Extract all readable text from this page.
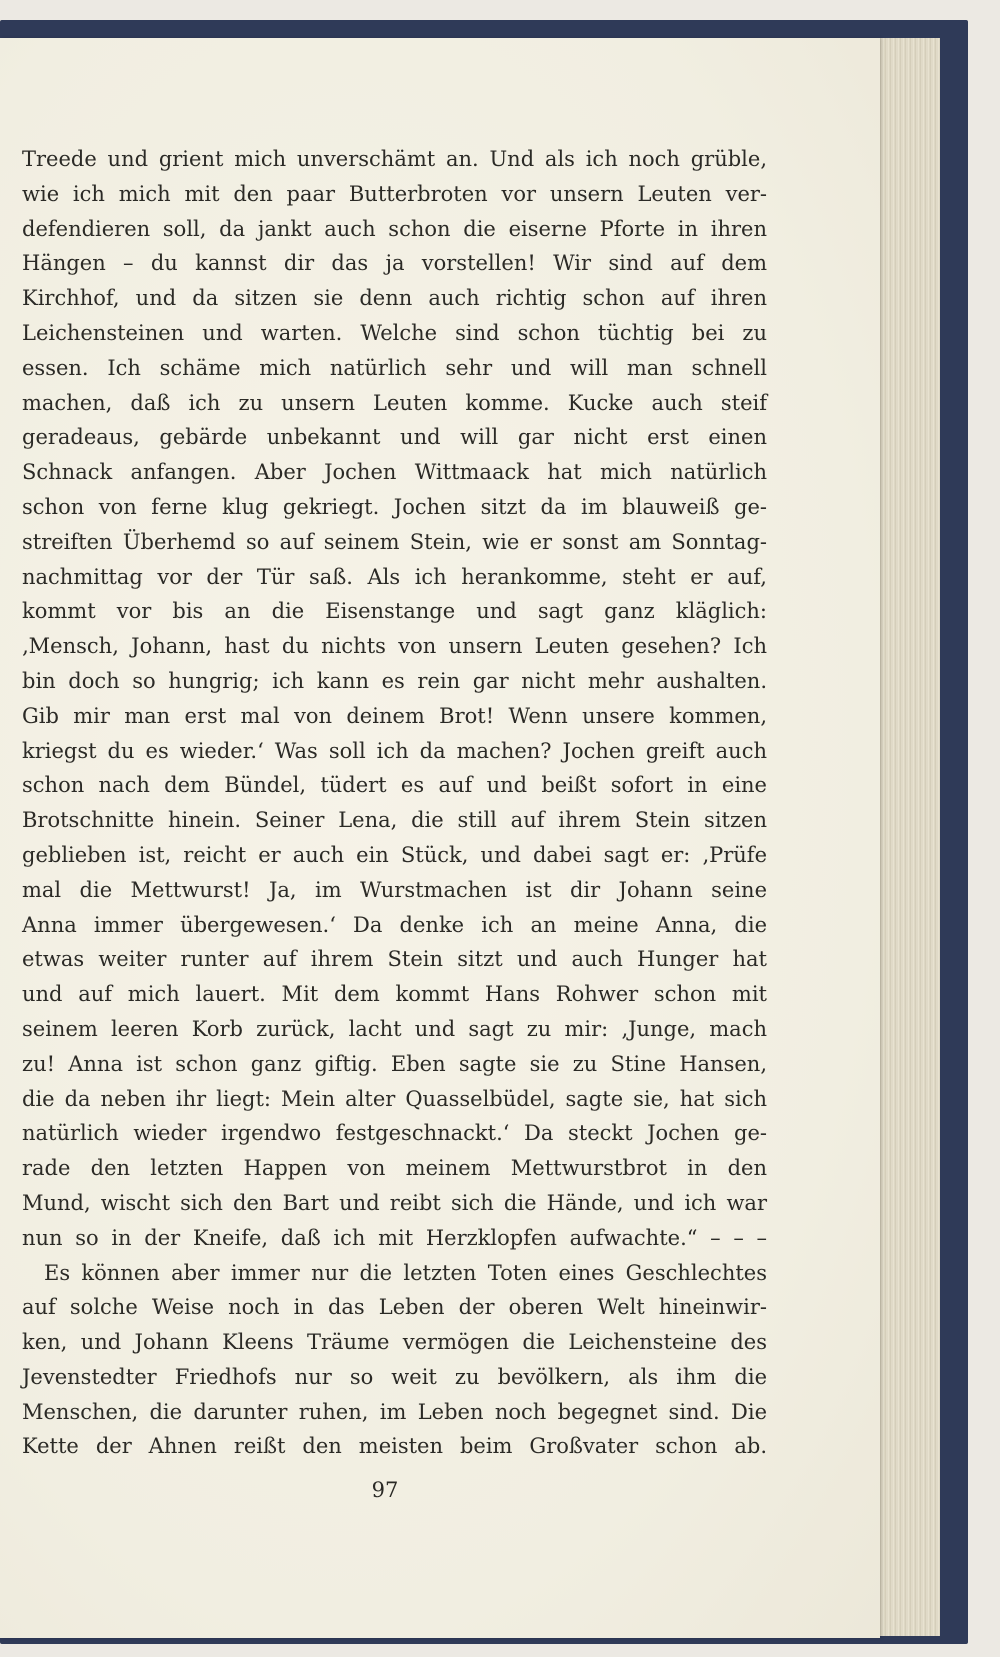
Treede und grient mich unverschämt an. Und als ich noch grüble,
wie ich mich mit den paar Butterbroten vor unsern Leuten ver-
defendieren soll, da jankt auch schon die eiserne Pforte in ihren
Hängen – du kannst dir das ja vorstellen! Wir sind auf dem
Kirchhof, und da sitzen sie denn auch richtig schon auf ihren
Leichensteinen und warten. Welche sind schon tüchtig bei zu
essen. Ich schäme mich natürlich sehr und will man schnell
machen, daß ich zu unsern Leuten komme. Kucke auch steif
geradeaus, gebärde unbekannt und will gar nicht erst einen
Schnack anfangen. Aber Jochen Wittmaack hat mich natürlich
schon von ferne klug gekriegt. Jochen sitzt da im blauweiß ge-
streiften Überhemd so auf seinem Stein, wie er sonst am Sonntag-
nachmittag vor der Tür saß. Als ich herankomme, steht er auf,
kommt vor bis an die Eisenstange und sagt ganz kläglich:
‚Mensch, Johann, hast du nichts von unsern Leuten gesehen? Ich
bin doch so hungrig; ich kann es rein gar nicht mehr aushalten.
Gib mir man erst mal von deinem Brot! Wenn unsere kommen,
kriegst du es wieder.‘ Was soll ich da machen? Jochen greift auch
schon nach dem Bündel, tüdert es auf und beißt sofort in eine
Brotschnitte hinein. Seiner Lena, die still auf ihrem Stein sitzen
geblieben ist, reicht er auch ein Stück, und dabei sagt er: ‚Prüfe
mal die Mettwurst! Ja, im Wurstmachen ist dir Johann seine
Anna immer übergewesen.‘ Da denke ich an meine Anna, die
etwas weiter runter auf ihrem Stein sitzt und auch Hunger hat
und auf mich lauert. Mit dem kommt Hans Rohwer schon mit
seinem leeren Korb zurück, lacht und sagt zu mir: ‚Junge, mach
zu! Anna ist schon ganz giftig. Eben sagte sie zu Stine Hansen,
die da neben ihr liegt: Mein alter Quasselbüdel, sagte sie, hat sich
natürlich wieder irgendwo festgeschnackt.‘ Da steckt Jochen ge-
rade den letzten Happen von meinem Mettwurstbrot in den
Mund, wischt sich den Bart und reibt sich die Hände, und ich war
nun so in der Kneife, daß ich mit Herzklopfen aufwachte.“ – – –
Es können aber immer nur die letzten Toten eines Geschlechtes
auf solche Weise noch in das Leben der oberen Welt hineinwir-
ken, und Johann Kleens Träume vermögen die Leichensteine des
Jevenstedter Friedhofs nur so weit zu bevölkern, als ihm die
Menschen, die darunter ruhen, im Leben noch begegnet sind. Die
Kette der Ahnen reißt den meisten beim Großvater schon ab.
97
